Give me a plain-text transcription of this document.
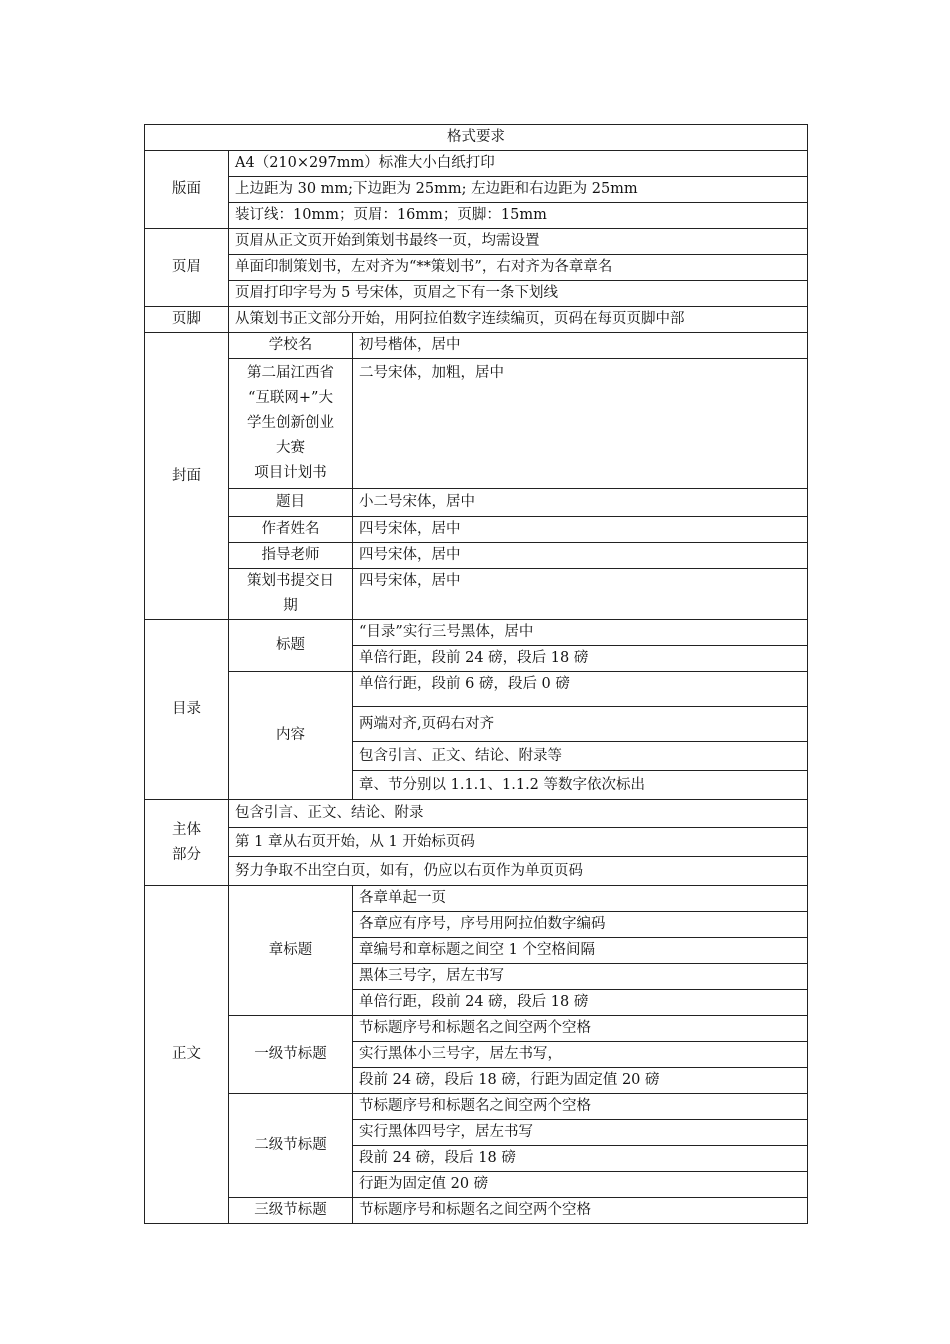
格式要求		
版面	A4（210×297mm）标准大小白纸打印	
	上边距为 30 mm;下边距为 25mm; 左边距和右边距为 25mm	
	装订线：10mm；页眉：16mm；页脚：15mm	
页眉	页眉从正文页开始到策划书最终一页，均需设置	
	单面印制策划书，左对齐为“**策划书”，右对齐为各章章名	
	页眉打印字号为 5 号宋体，页眉之下有一条下划线	
页脚	从策划书正文部分开始，用阿拉伯数字连续编页，页码在每页页脚中部	
封面	学校名	初号楷体，居中

	第二届江西省
“互联网+”大
学生创新创业
大赛
项目计划书	二号宋体，加粗，居中
	题目	小二号宋体，居中
	作者姓名	四号宋体，居中
	指导老师	四号宋体，居中

	策划书提交日
期	四号宋体，居中
目录	标题	“目录”实行三号黑体，居中
		单倍行距，段前 24 磅，段后 18 磅
	内容	单倍行距，段前 6 磅，段后 0 磅
		两端对齐,页码右对齐
		包含引言、正文、结论、附录等
		章、节分别以 1.1.1、1.1.2 等数字依次标出

主体
部分	包含引言、正文、结论、附录	
	第 1 章从右页开始，从 1 开始标页码	
	努力争取不出空白页，如有，仍应以右页作为单页页码	
正文	章标题	各章单起一页
		各章应有序号，序号用阿拉伯数字编码
		章编号和章标题之间空 1 个空格间隔
		黑体三号字，居左书写
		单倍行距，段前 24 磅，段后 18 磅
	一级节标题	节标题序号和标题名之间空两个空格
		实行黑体小三号字，居左书写，
		段前 24 磅，段后 18 磅，行距为固定值 20 磅
	二级节标题	节标题序号和标题名之间空两个空格
		实行黑体四号字，居左书写
		段前 24 磅，段后 18 磅
		行距为固定值 20 磅
	三级节标题	节标题序号和标题名之间空两个空格
